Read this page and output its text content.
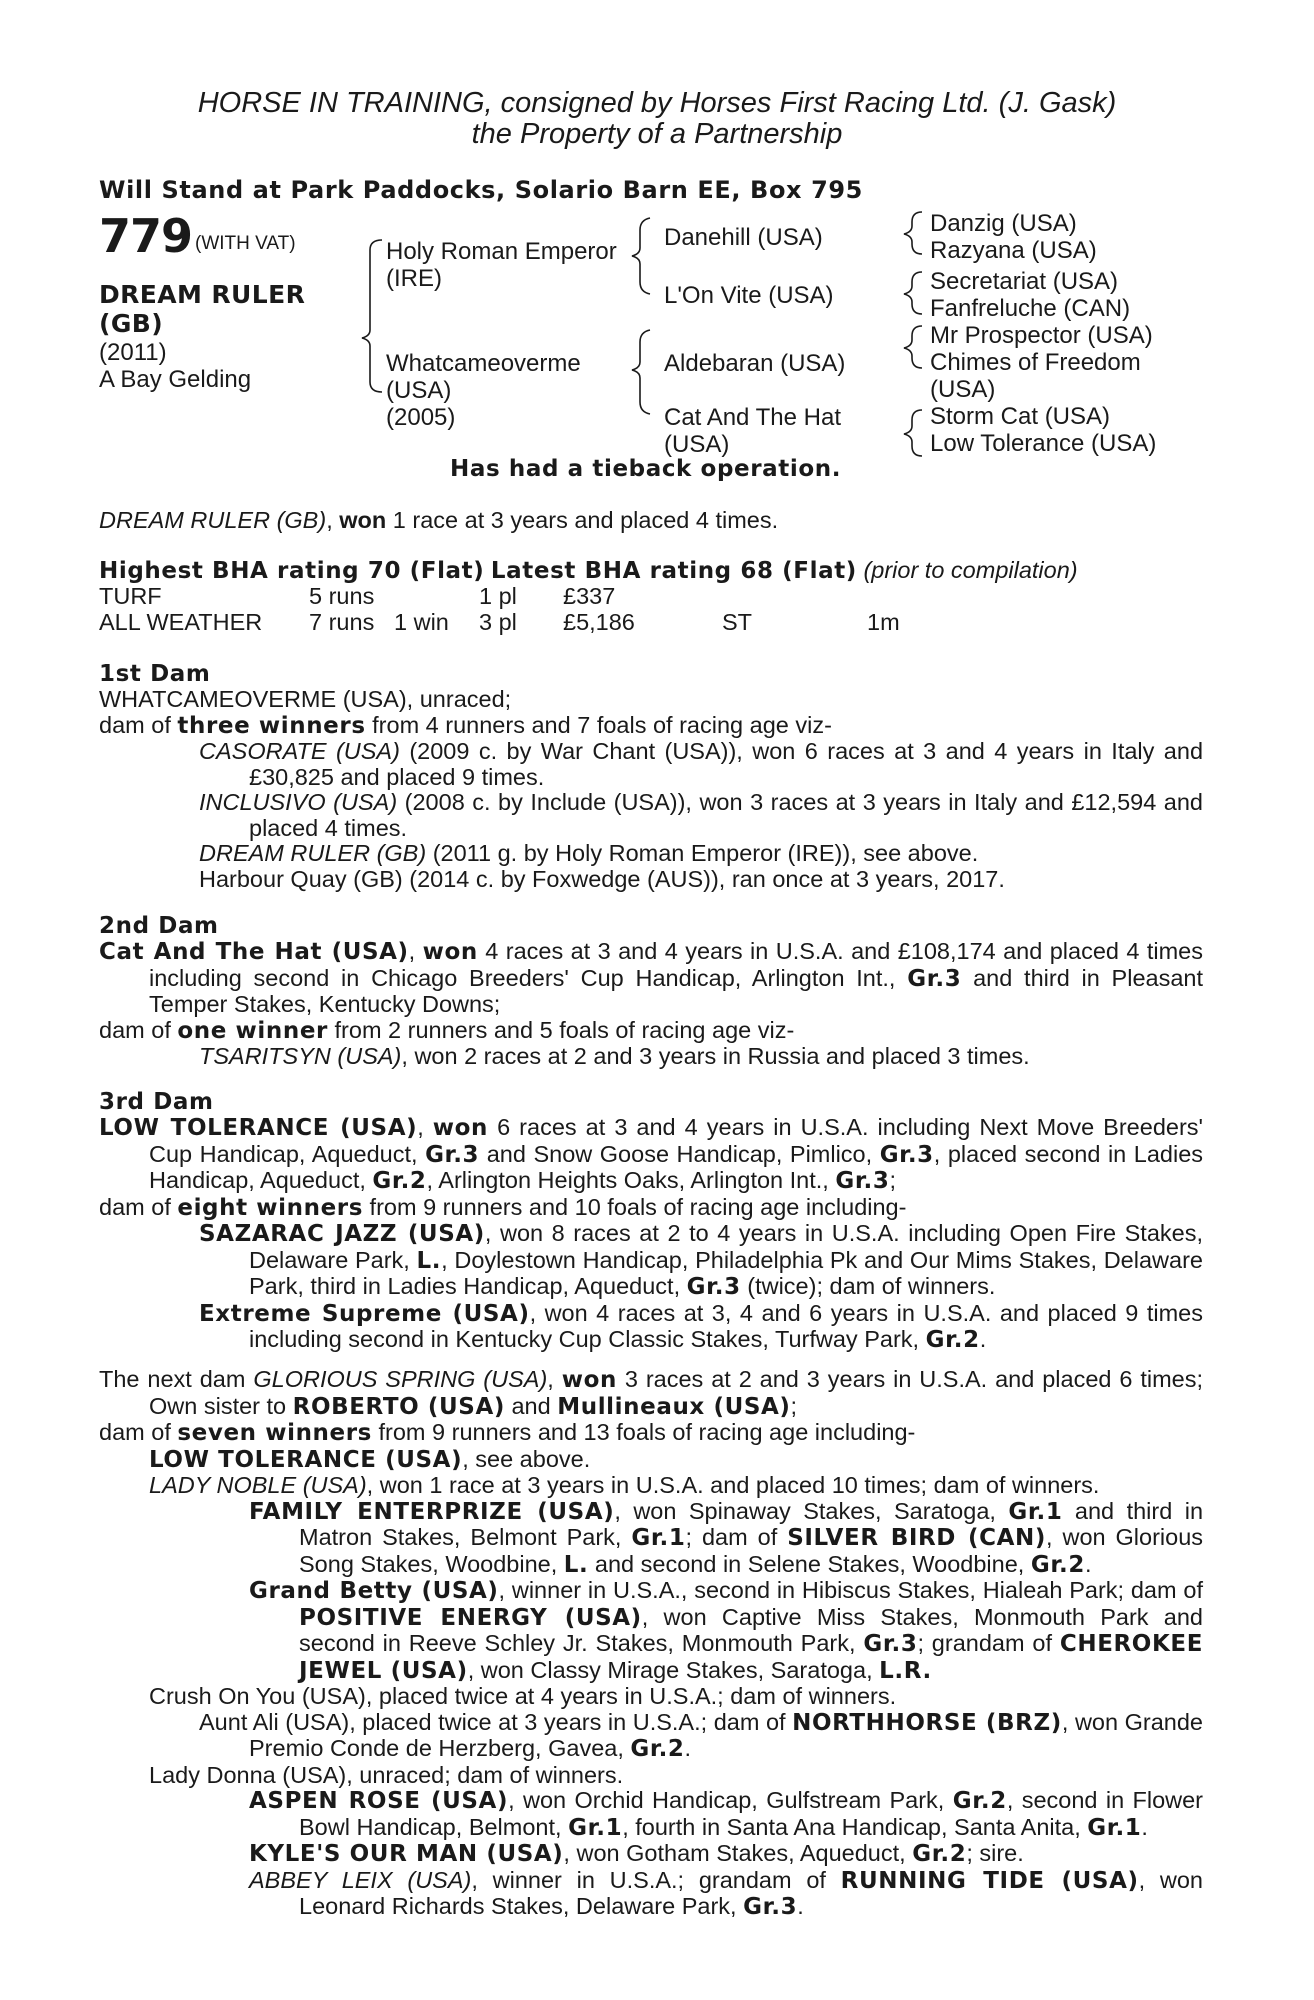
HORSE IN TRAINING, consigned by Horses First Racing Ltd. (J. Gask)
the Property of a Partnership
Will Stand at Park Paddocks, Solario Barn EE, Box 795
779 (WITH VAT)
DREAM RULER
(GB)
(2011)
A Bay Gelding
Holy Roman Emperor
(IRE)
Whatcameoverme
(USA)
(2005)
Danehill (USA)
L'On Vite (USA)
Aldebaran (USA)
Cat And The Hat
(USA)
Danzig (USA)
Razyana (USA)
Secretariat (USA)
Fanfreluche (CAN)
Mr Prospector (USA)
Chimes of Freedom
(USA)
Storm Cat (USA)
Low Tolerance (USA)
Has had a tieback operation.
DREAM RULER (GB), won 1 race at 3 years and placed 4 times.
Highest BHA rating 70 (Flat) Latest BHA rating 68 (Flat) (prior to compilation)
TURF	5 runs	1 pl £337
ALL WEATHER 7 runs 1 win 3 pl £5,186	ST	1m
1st Dam
WHATCAMEOVERME (USA), unraced;
dam of three winners from 4 runners and 7 foals of racing age viz-
CASORATE (USA) (2009 c. by War Chant (USA)), won 6 races at 3 and 4 years in Italy and £30,825 and placed 9 times.
INCLUSIVO (USA) (2008 c. by Include (USA)), won 3 races at 3 years in Italy and £12,594 and placed 4 times.
DREAM RULER (GB) (2011 g. by Holy Roman Emperor (IRE)), see above.
Harbour Quay (GB) (2014 c. by Foxwedge (AUS)), ran once at 3 years, 2017.
2nd Dam
Cat And The Hat (USA), won 4 races at 3 and 4 years in U.S.A. and £108,174 and placed 4 times including second in Chicago Breeders' Cup Handicap, Arlington Int., Gr.3 and third in Pleasant Temper Stakes, Kentucky Downs;
dam of one winner from 2 runners and 5 foals of racing age viz-
TSARITSYN (USA), won 2 races at 2 and 3 years in Russia and placed 3 times.
3rd Dam
LOW TOLERANCE (USA), won 6 races at 3 and 4 years in U.S.A. including Next Move Breeders' Cup Handicap, Aqueduct, Gr.3 and Snow Goose Handicap, Pimlico, Gr.3, placed second in Ladies Handicap, Aqueduct, Gr.2, Arlington Heights Oaks, Arlington Int., Gr.3;
dam of eight winners from 9 runners and 10 foals of racing age including-
SAZARAC JAZZ (USA), won 8 races at 2 to 4 years in U.S.A. including Open Fire Stakes, Delaware Park, L., Doylestown Handicap, Philadelphia Pk and Our Mims Stakes, Delaware Park, third in Ladies Handicap, Aqueduct, Gr.3 (twice); dam of winners.
Extreme Supreme (USA), won 4 races at 3, 4 and 6 years in U.S.A. and placed 9 times including second in Kentucky Cup Classic Stakes, Turfway Park, Gr.2.
The next dam GLORIOUS SPRING (USA), won 3 races at 2 and 3 years in U.S.A. and placed 6 times; Own sister to ROBERTO (USA) and Mullineaux (USA);
dam of seven winners from 9 runners and 13 foals of racing age including-
LOW TOLERANCE (USA), see above.
LADY NOBLE (USA), won 1 race at 3 years in U.S.A. and placed 10 times; dam of winners.
FAMILY ENTERPRIZE (USA), won Spinaway Stakes, Saratoga, Gr.1 and third in Matron Stakes, Belmont Park, Gr.1; dam of SILVER BIRD (CAN), won Glorious Song Stakes, Woodbine, L. and second in Selene Stakes, Woodbine, Gr.2.
Grand Betty (USA), winner in U.S.A., second in Hibiscus Stakes, Hialeah Park; dam of POSITIVE ENERGY (USA), won Captive Miss Stakes, Monmouth Park and second in Reeve Schley Jr. Stakes, Monmouth Park, Gr.3; grandam of CHEROKEE JEWEL (USA), won Classy Mirage Stakes, Saratoga, L.R.
Crush On You (USA), placed twice at 4 years in U.S.A.; dam of winners.
Aunt Ali (USA), placed twice at 3 years in U.S.A.; dam of NORTHHORSE (BRZ), won Grande Premio Conde de Herzberg, Gavea, Gr.2.
Lady Donna (USA), unraced; dam of winners.
ASPEN ROSE (USA), won Orchid Handicap, Gulfstream Park, Gr.2, second in Flower Bowl Handicap, Belmont, Gr.1, fourth in Santa Ana Handicap, Santa Anita, Gr.1.
KYLE'S OUR MAN (USA), won Gotham Stakes, Aqueduct, Gr.2; sire.
ABBEY LEIX (USA), winner in U.S.A.; grandam of RUNNING TIDE (USA), won Leonard Richards Stakes, Delaware Park, Gr.3.
